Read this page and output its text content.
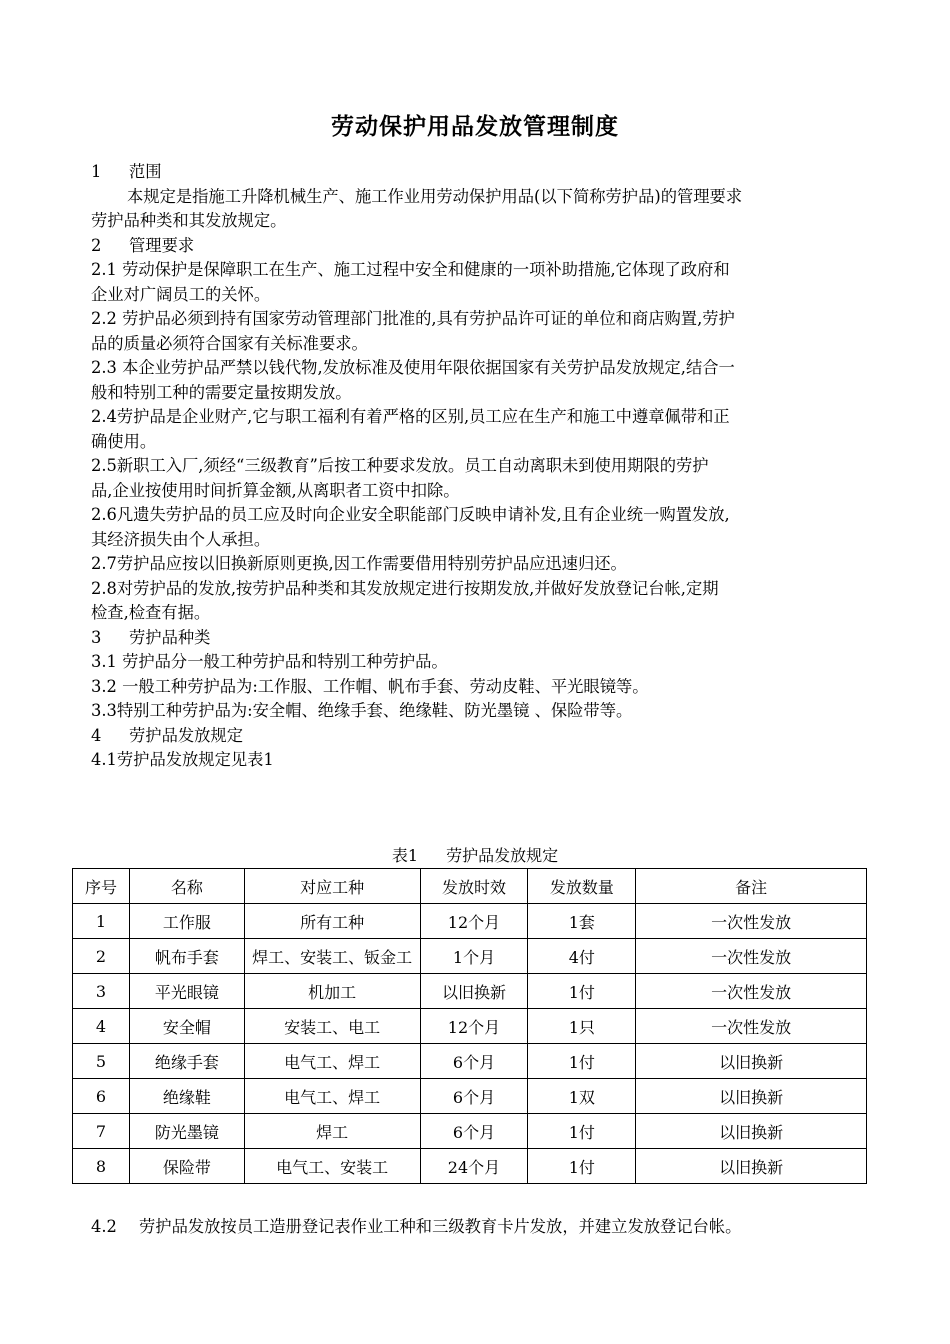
劳动保护用品发放管理制度
1 范围
本规定是指施工升降机械生产、施工作业用劳动保护用品(以下简称劳护品)的管理要求
劳护品种类和其发放规定。
2 管理要求
2.1 劳动保护是保障职工在生产、施工过程中安全和健康的一项补助措施,它体现了政府和
企业对广阔员工的关怀。
2.2 劳护品必须到持有国家劳动管理部门批准的,具有劳护品许可证的单位和商店购置,劳护
品的质量必须符合国家有关标准要求。
2.3 本企业劳护品严禁以钱代物,发放标准及使用年限依据国家有关劳护品发放规定,结合一
般和特别工种的需要定量按期发放。
2.4劳护品是企业财产,它与职工福利有着严格的区别,员工应在生产和施工中遵章佩带和正
确使用。
2.5新职工入厂,须经“三级教育”后按工种要求发放。员工自动离职未到使用期限的劳护
品,企业按使用时间折算金额,从离职者工资中扣除。
2.6凡遗失劳护品的员工应及时向企业安全职能部门反映申请补发,且有企业统一购置发放,
其经济损失由个人承担。
2.7劳护品应按以旧换新原则更换,因工作需要借用特别劳护品应迅速归还。
2.8对劳护品的发放,按劳护品种类和其发放规定进行按期发放,并做好发放登记台帐,定期
检查,检查有据。
3 劳护品种类
3.1 劳护品分一般工种劳护品和特别工种劳护品。
3.2 一般工种劳护品为:工作服、工作帽、帆布手套、劳动皮鞋、平光眼镜等。
3.3特别工种劳护品为:安全帽、绝缘手套、绝缘鞋、防光墨镜 、保险带等。
4 劳护品发放规定
4.1劳护品发放规定见表1
表1 劳护品发放规定
序号	名称	对应工种	发放时效	发放数量	备注
1	工作服	所有工种	12个月	1套	一次性发放
2	帆布手套	焊工、安装工、钣金工	1个月	4付	一次性发放
3	平光眼镜	机加工	以旧换新	1付	一次性发放
4	安全帽	安装工、电工	12个月	1只	一次性发放
5	绝缘手套	电气工、焊工	6个月	1付	以旧换新
6	绝缘鞋	电气工、焊工	6个月	1双	以旧换新
7	防光墨镜	焊工	6个月	1付	以旧换新
8	保险带	电气工、安装工	24个月	1付	以旧换新
4.2 劳护品发放按员工造册登记表作业工种和三级教育卡片发放，并建立发放登记台帐。
